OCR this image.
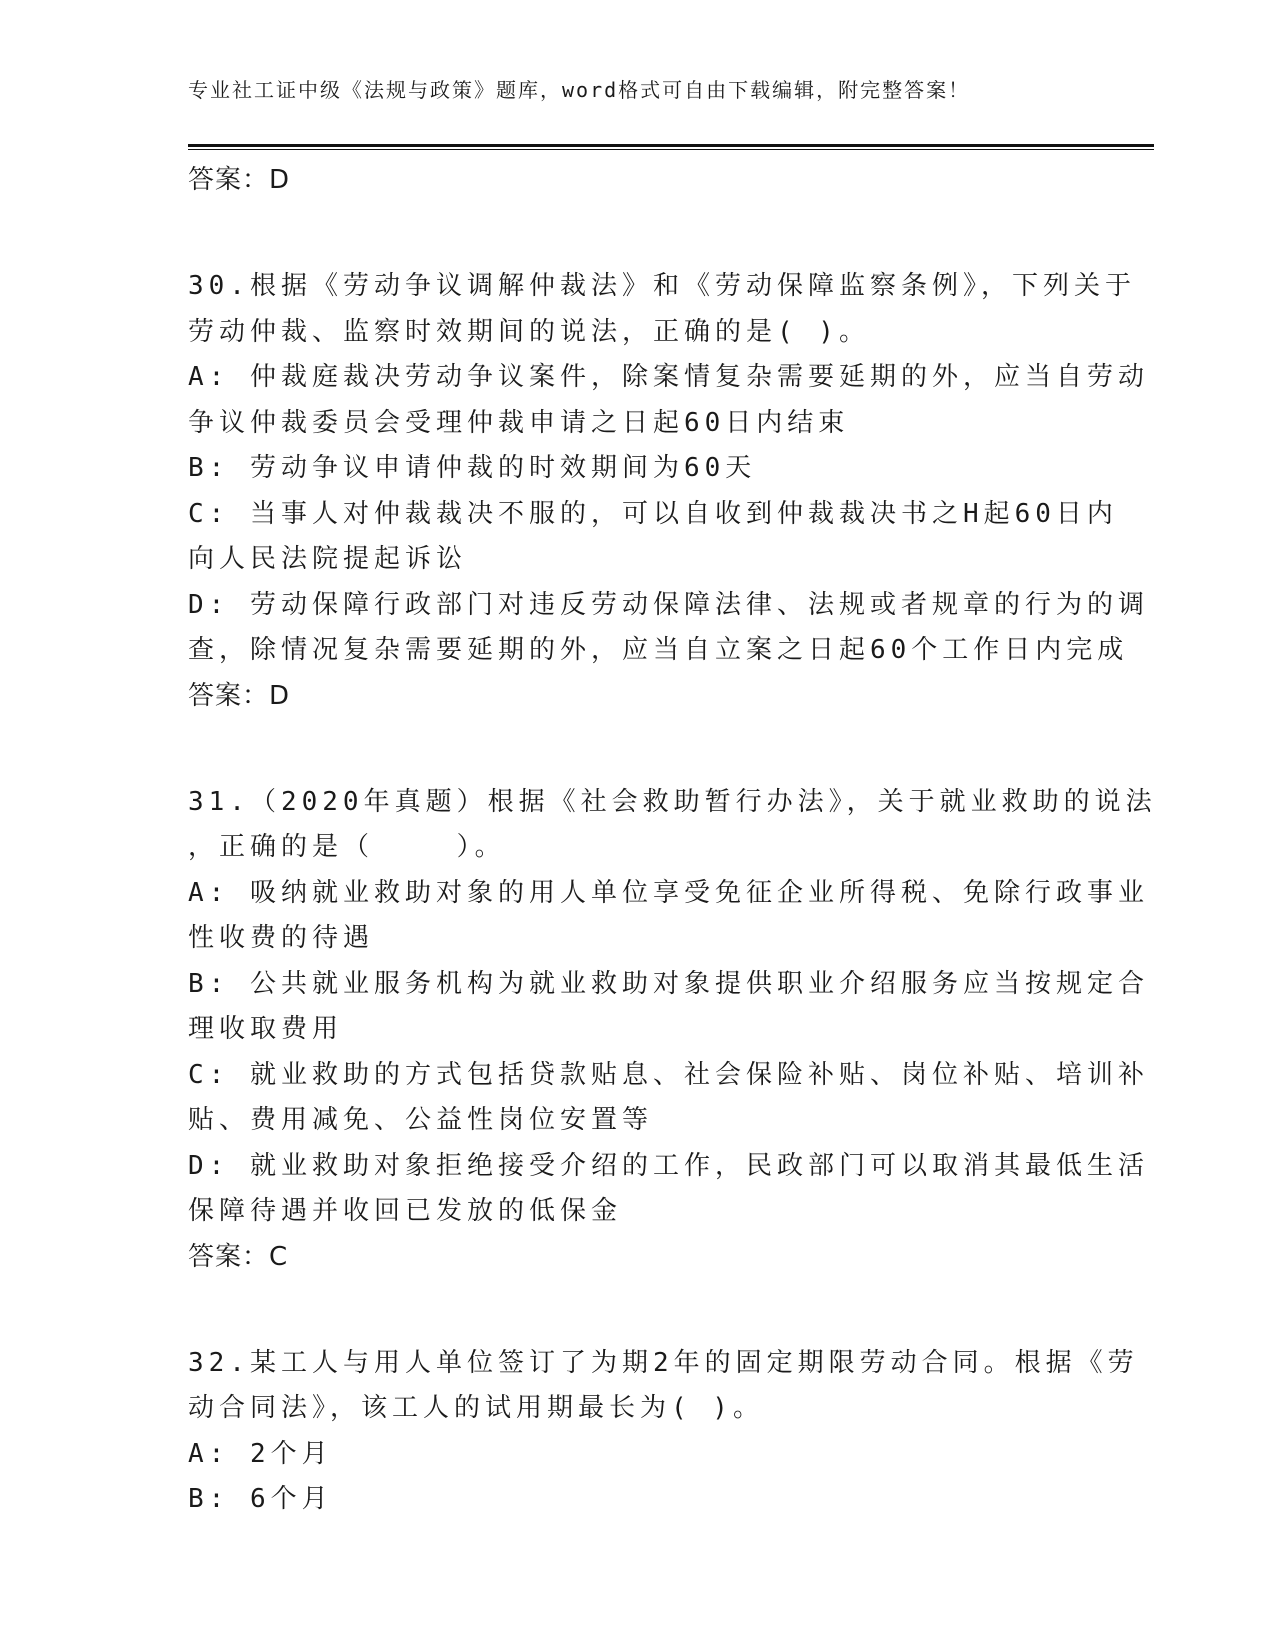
专业社工证中级《法规与政策》题库，word格式可自由下载编辑，附完整答案！

答案：D

30.根据《劳动争议调解仲裁法》和《劳动保障监察条例》，下列关于

劳动仲裁、监察时效期间的说法，正确的是( )。

A: 仲裁庭裁决劳动争议案件，除案情复杂需要延期的外，应当自劳动

争议仲裁委员会受理仲裁申请之日起60日内结束

B: 劳动争议申请仲裁的时效期间为60天

C: 当事人对仲裁裁决不服的，可以自收到仲裁裁决书之H起60日内

向人民法院提起诉讼

D: 劳动保障行政部门对违反劳动保障法律、法规或者规章的行为的调

查，除情况复杂需要延期的外，应当自立案之日起60个工作日内完成

答案：D

31.（2020年真题）根据《社会救助暂行办法》，关于就业救助的说法

，正确的是（    ）。

A: 吸纳就业救助对象的用人单位享受免征企业所得税、免除行政事业

性收费的待遇

B: 公共就业服务机构为就业救助对象提供职业介绍服务应当按规定合

理收取费用

C: 就业救助的方式包括贷款贴息、社会保险补贴、岗位补贴、培训补

贴、费用减免、公益性岗位安置等

D: 就业救助对象拒绝接受介绍的工作，民政部门可以取消其最低生活

保障待遇并收回已发放的低保金

答案：C

32.某工人与用人单位签订了为期2年的固定期限劳动合同。根据《劳

动合同法》，该工人的试用期最长为( )。

A: 2个月

B: 6个月
